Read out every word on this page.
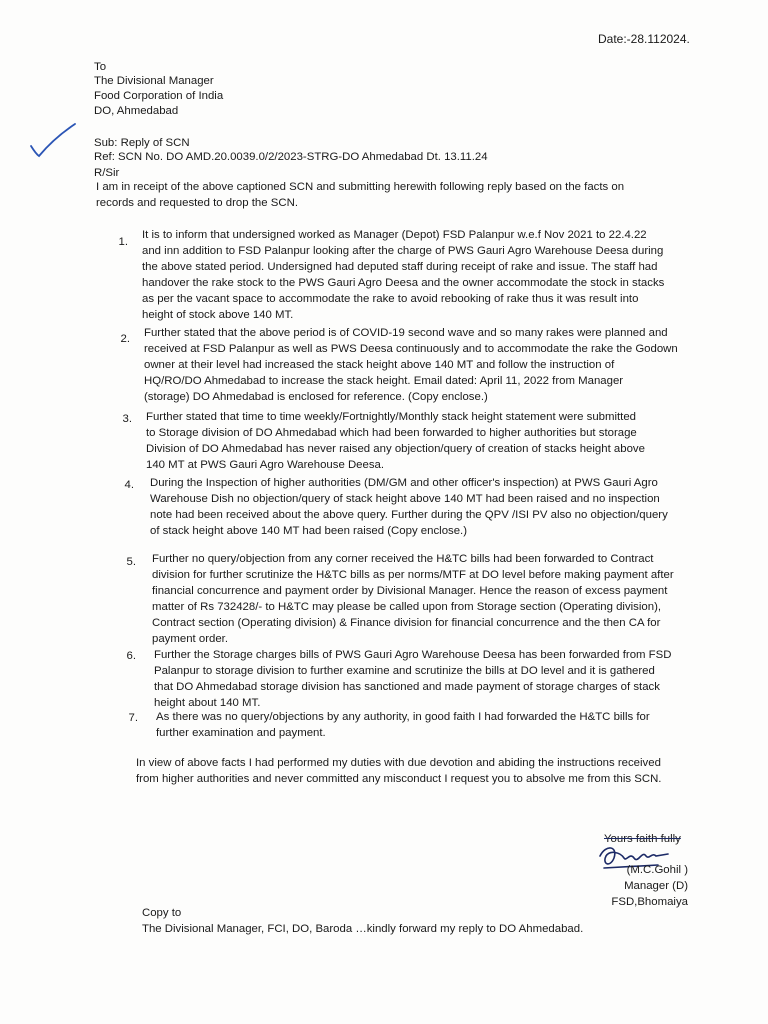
Date:-28.112024.
To
The Divisional Manager
Food Corporation of India
DO, Ahmedabad
Sub: Reply of SCN
Ref: SCN No. DO AMD.20.0039.0/2/2023-STRG-DO Ahmedabad Dt. 13.11.24
R/Sir
I am in receipt of the above captioned SCN and submitting herewith following reply based on the facts on
records and requested to drop the SCN.
1.
It is to inform that undersigned worked as Manager (Depot) FSD Palanpur w.e.f Nov 2021 to 22.4.22
and inn addition to FSD Palanpur looking after the charge of PWS Gauri Agro Warehouse Deesa during
the above stated period. Undersigned had deputed staff during receipt of rake and issue. The staff had
handover the rake stock to the PWS Gauri Agro Deesa and the owner accommodate the stock in stacks
as per the vacant space to accommodate the rake to avoid rebooking of rake thus it was result into
height of stock above 140 MT.
2. Further stated that the above period is of COVID-19 second wave and so many rakes were planned and
received at FSD Palanpur as well as PWS Deesa continuously and to accommodate the rake the Godown
owner at their level had increased the stack height above 140 MT and follow the instruction of
HQ/RO/DO Ahmedabad to increase the stack height. Email dated: April 11, 2022 from Manager
(storage) DO Ahmedabad is enclosed for reference. (Copy enclose.)
3. Further stated that time to time weekly/Fortnightly/Monthly stack height statement were submitted
to Storage division of DO Ahmedabad which had been forwarded to higher authorities but storage
Division of DO Ahmedabad has never raised any objection/query of creation of stacks height above
140 MT at PWS Gauri Agro Warehouse Deesa.
4. During the Inspection of higher authorities (DM/GM and other officer's inspection) at PWS Gauri Agro
Warehouse Dish no objection/query of stack height above 140 MT had been raised and no inspection
note had been received about the above query. Further during the QPV /ISI PV also no objection/query
of stack height above 140 MT had been raised (Copy enclose.)
5. Further no query/objection from any corner received the H&TC bills had been forwarded to Contract
division for further scrutinize the H&TC bills as per norms/MTF at DO level before making payment after
financial concurrence and payment order by Divisional Manager. Hence the reason of excess payment
matter of Rs 732428/- to H&TC may please be called upon from Storage section (Operating division),
Contract section (Operating division) & Finance division for financial concurrence and the then CA for
payment order.
6. Further the Storage charges bills of PWS Gauri Agro Warehouse Deesa has been forwarded from FSD
Palanpur to storage division to further examine and scrutinize the bills at DO level and it is gathered
that DO Ahmedabad storage division has sanctioned and made payment of storage charges of stack
height about 140 MT.
7. As there was no query/objections by any authority, in good faith I had forwarded the H&TC bills for
further examination and payment.
In view of above facts I had performed my duties with due devotion and abiding the instructions received
from higher authorities and never committed any misconduct I request you to absolve me from this SCN.
Yours faith fully
(M.C.Gohil )
Manager (D)
FSD,Bhomaiya
Copy to
The Divisional Manager, FCI, DO, Baroda …kindly forward my reply to DO Ahmedabad.
